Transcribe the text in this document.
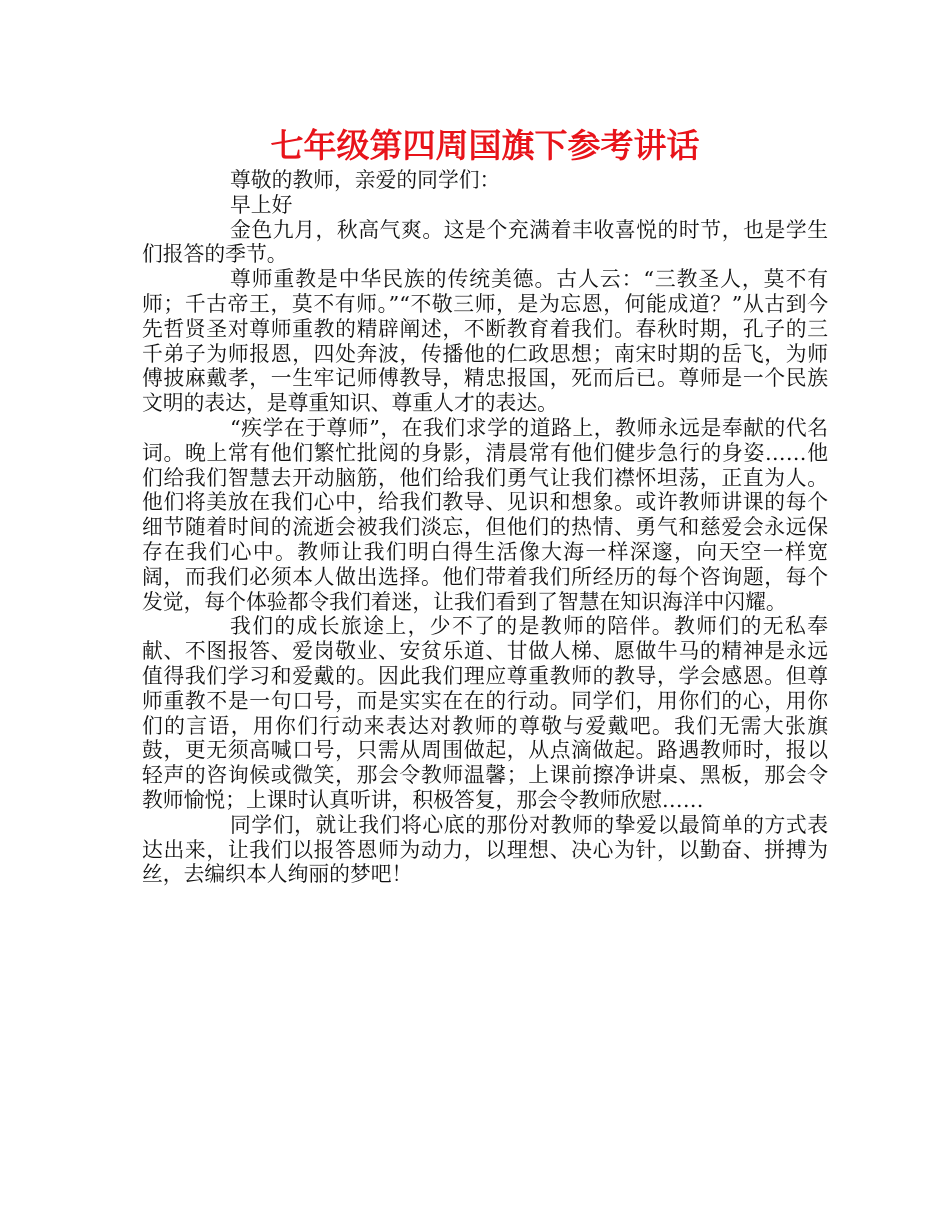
七年级第四周国旗下参考讲话

尊敬的教师，亲爱的同学们：

早上好

金色九月，秋高气爽。这是个充满着丰收喜悦的时节，也是学生们报答的季节。

尊师重教是中华民族的传统美德。古人云：“三教圣人，莫不有师；千古帝王，莫不有师。”“不敬三师，是为忘恩，何能成道？”从古到今先哲贤圣对尊师重教的精辟阐述，不断教育着我们。春秋时期，孔子的三千弟子为师报恩，四处奔波，传播他的仁政思想；南宋时期的岳飞，为师傅披麻戴孝，一生牢记师傅教导，精忠报国，死而后已。尊师是一个民族文明的表达，是尊重知识、尊重人才的表达。

“疾学在于尊师”，在我们求学的道路上，教师永远是奉献的代名词。晚上常有他们繁忙批阅的身影，清晨常有他们健步急行的身姿……他们给我们智慧去开动脑筋，他们给我们勇气让我们襟怀坦荡，正直为人。他们将美放在我们心中，给我们教导、见识和想象。或许教师讲课的每个细节随着时间的流逝会被我们淡忘，但他们的热情、勇气和慈爱会永远保存在我们心中。教师让我们明白得生活像大海一样深邃，向天空一样宽阔，而我们必须本人做出选择。他们带着我们所经历的每个咨询题，每个发觉，每个体验都令我们着迷，让我们看到了智慧在知识海洋中闪耀。

我们的成长旅途上，少不了的是教师的陪伴。教师们的无私奉献、不图报答、爱岗敬业、安贫乐道、甘做人梯、愿做牛马的精神是永远值得我们学习和爱戴的。因此我们理应尊重教师的教导，学会感恩。但尊师重教不是一句口号，而是实实在在的行动。同学们，用你们的心，用你们的言语，用你们行动来表达对教师的尊敬与爱戴吧。我们无需大张旗鼓，更无须高喊口号，只需从周围做起，从点滴做起。路遇教师时，报以轻声的咨询候或微笑，那会令教师温馨；上课前擦净讲桌、黑板，那会令教师愉悦；上课时认真听讲，积极答复，那会令教师欣慰……

同学们，就让我们将心底的那份对教师的挚爱以最简单的方式表达出来，让我们以报答恩师为动力，以理想、决心为针，以勤奋、拼搏为丝，去编织本人绚丽的梦吧！
